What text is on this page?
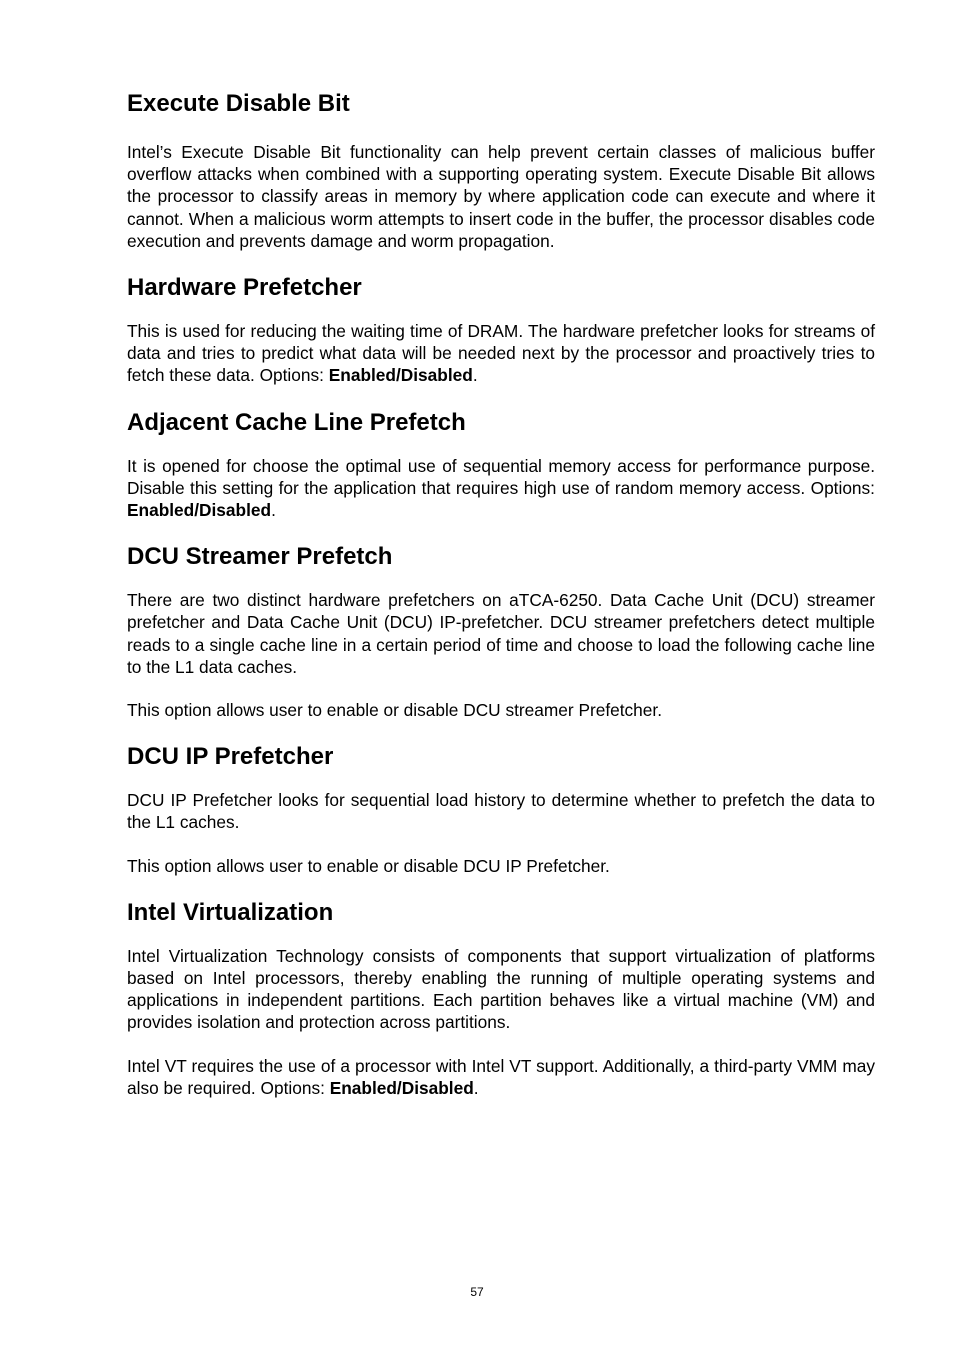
Execute Disable Bit

Intel’s Execute Disable Bit functionality can help prevent certain classes of malicious buffer overflow attacks when combined with a supporting operating system. Execute Disable Bit allows the processor to classify areas in memory by where application code can execute and where it cannot. When a malicious worm attempts to insert code in the buffer, the processor disables code execution and prevents damage and worm propagation.

Hardware Prefetcher

This is used for reducing the waiting time of DRAM. The hardware prefetcher looks for streams of data and tries to predict what data will be needed next by the processor and proactively tries to fetch these data. Options: Enabled/Disabled.

Adjacent Cache Line Prefetch

It is opened for choose the optimal use of sequential memory access for performance purpose. Disable this setting for the application that requires high use of random memory access. Options: Enabled/Disabled.

DCU Streamer Prefetch

There are two distinct hardware prefetchers on aTCA-6250. Data Cache Unit (DCU) streamer prefetcher and Data Cache Unit (DCU) IP-prefetcher. DCU streamer prefetchers detect multiple reads to a single cache line in a certain period of time and choose to load the following cache line to the L1 data caches.

This option allows user to enable or disable DCU streamer Prefetcher.

DCU IP Prefetcher

DCU IP Prefetcher looks for sequential load history to determine whether to prefetch the data to the L1 caches.

This option allows user to enable or disable DCU IP Prefetcher.

Intel Virtualization

Intel Virtualization Technology consists of components that support virtualization of platforms based on Intel processors, thereby enabling the running of multiple operating systems and applications in independent partitions. Each partition behaves like a virtual machine (VM) and provides isolation and protection across partitions.

Intel VT requires the use of a processor with Intel VT support. Additionally, a third-party VMM may also be required. Options: Enabled/Disabled.

57
